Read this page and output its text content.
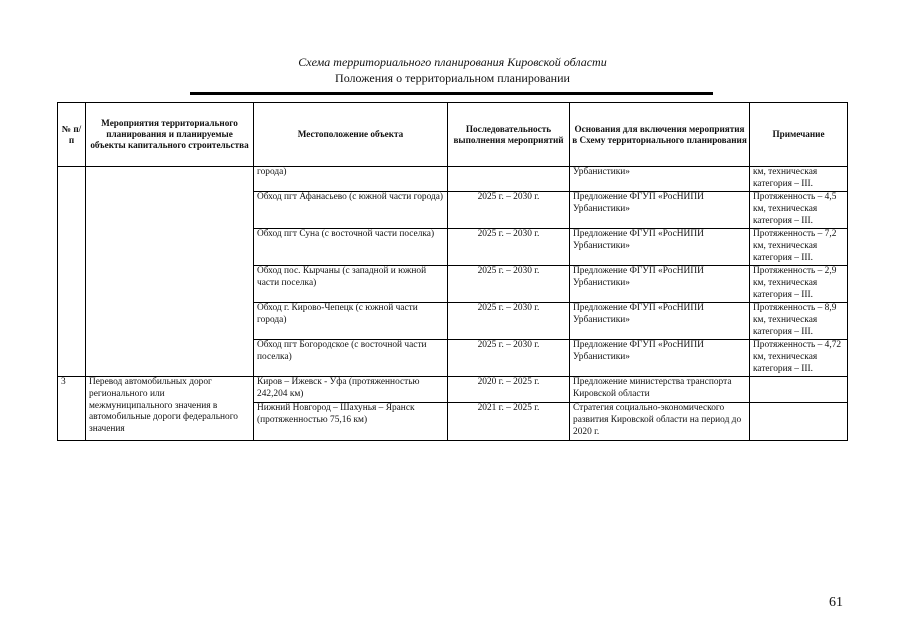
Схема территориального планирования Кировской области
Положения о территориальном планировании
№ п/п	Мероприятия территориального планирования и планируемые объекты капитального строительства	Местоположение объекта	Последовательность выполнения мероприятий	Основания для включения мероприятия в Схему территориального планирования	Примечание
		города)		Урбанистики»	км, техническая категория – III.
		Обход пгт Афанасьево (с южной части города)	2025 г. – 2030 г.	Предложение ФГУП «РосНИПИ Урбанистики»	Протяженность – 4,5 км, техническая категория – III.
		Обход пгт Суна (с восточной части поселка)	2025 г. – 2030 г.	Предложение ФГУП «РосНИПИ Урбанистики»	Протяженность – 7,2 км, техническая категория – III.
		Обход пос. Кырчаны (с западной и южной части поселка)	2025 г. – 2030 г.	Предложение ФГУП «РосНИПИ Урбанистики»	Протяженность – 2,9 км, техническая категория – III.
		Обход г. Кирово-Чепецк (с южной части города)	2025 г. – 2030 г.	Предложение ФГУП «РосНИПИ Урбанистики»	Протяженность – 8,9 км, техническая категория – III.
		Обход пгт Богородское (с восточной части поселка)	2025 г. – 2030 г.	Предложение ФГУП «РосНИПИ Урбанистики»	Протяженность – 4,72 км, техническая категория – III.
3	Перевод автомобильных дорог регионального или межмуниципального значения в автомобильные дороги федерального значения	Киров – Ижевск - Уфа (протяженностью 242,204 км)	2020 г. – 2025 г.	Предложение министерства транспорта Кировской области	
		Нижний Новгород – Шахунья – Яранск (протяженностью 75,16 км)	2021 г. – 2025 г.	Стратегия социально-экономического развития Кировской области на период до 2020 г.	
61
